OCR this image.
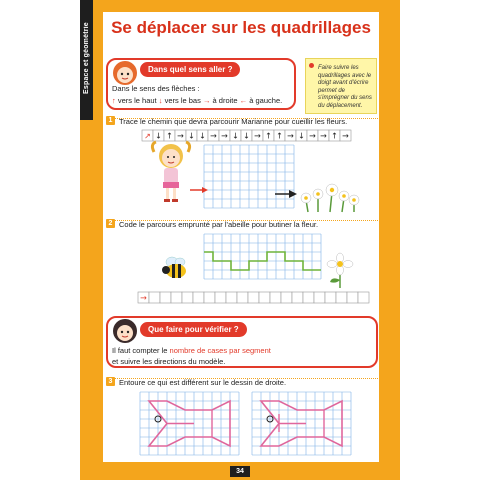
Espace et géométrie Se déplacer sur les quadrillages
Dans quel sens aller ?
Dans le sens des flèches :
↑ vers le haut ↓ vers le bas → à droite ← à gauche.
Faire suivre les quadrillages avec le doigt avant d'écrire permet de s'imprégner du sens du déplacement.
1 Trace le chemin que devra parcourir Marianne pour cueillir les fleurs.
↗ ↓ ↑ → ↓ ↓ → → ↓ ↓ → ↑ ↑ → ↓ → → ↑ →
2 Code le parcours emprunté par l'abeille pour butiner la fleur.
→
Que faire pour vérifier ?
Il faut compter le nombre de cases par segment
et suivre les directions du modèle.
3 Entoure ce qui est différent sur le dessin de droite.
34
